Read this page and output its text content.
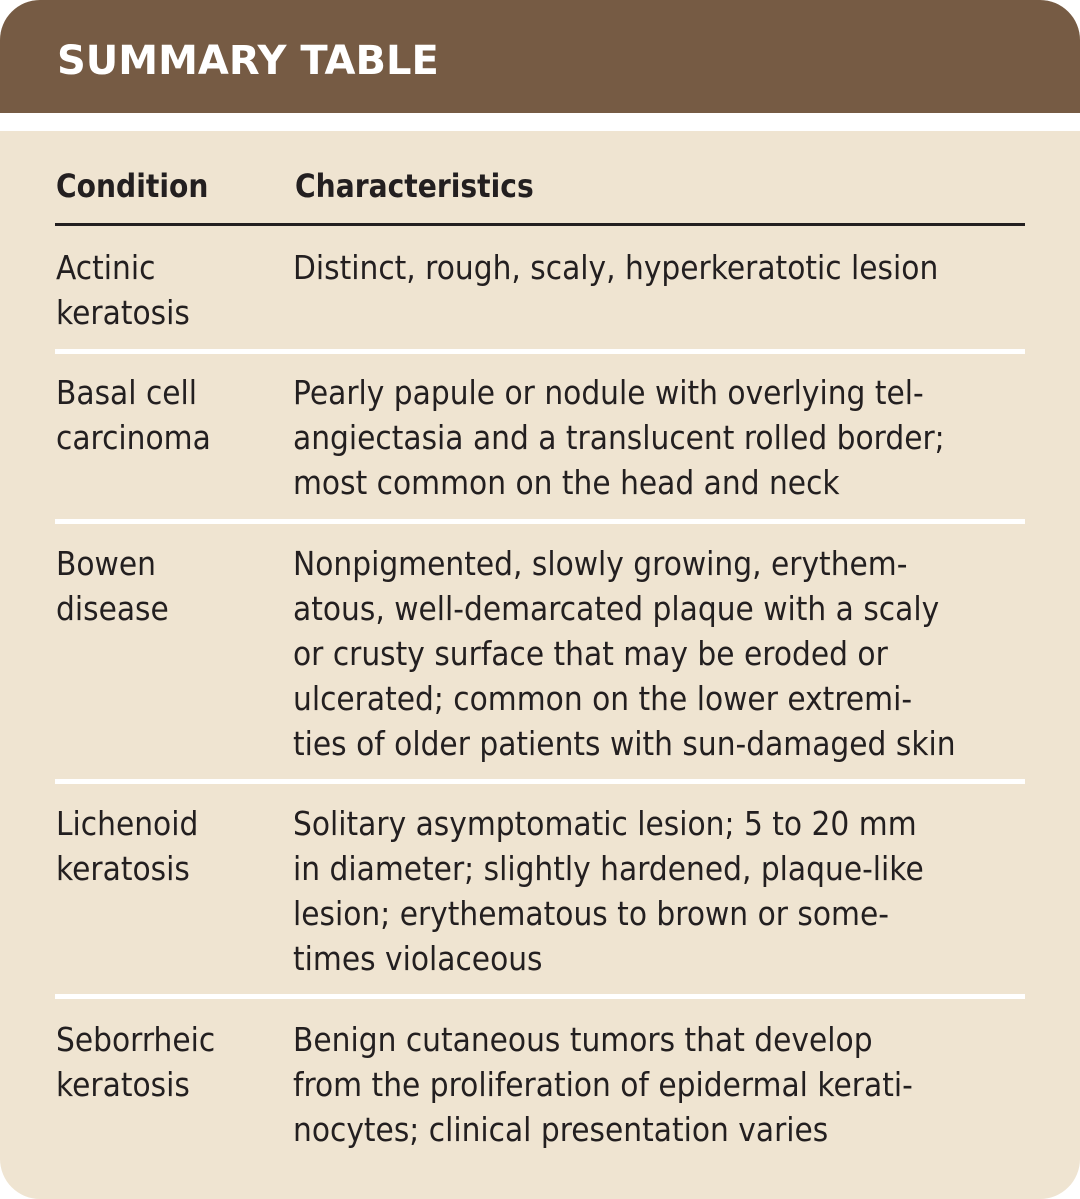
SUMMARY TABLE
Condition	Characteristics
Actinic
keratosis
Distinct, rough, scaly, hyperkeratotic lesion
Basal cell
carcinoma
Pearly papule or nodule with overlying tel-
angiectasia and a translucent rolled border;
most common on the head and neck
Bowen
disease
Nonpigmented, slowly growing, erythem-
atous, well-demarcated plaque with a scaly
or crusty surface that may be eroded or
ulcerated; common on the lower extremi-
ties of older patients with sun-damaged skin
Lichenoid
keratosis
Solitary asymptomatic lesion; 5 to 20 mm
in diameter; slightly hardened, plaque-like
lesion; erythematous to brown or some-
times violaceous
Seborrheic
keratosis
Benign cutaneous tumors that develop
from the proliferation of epidermal kerati-
nocytes; clinical presentation varies
